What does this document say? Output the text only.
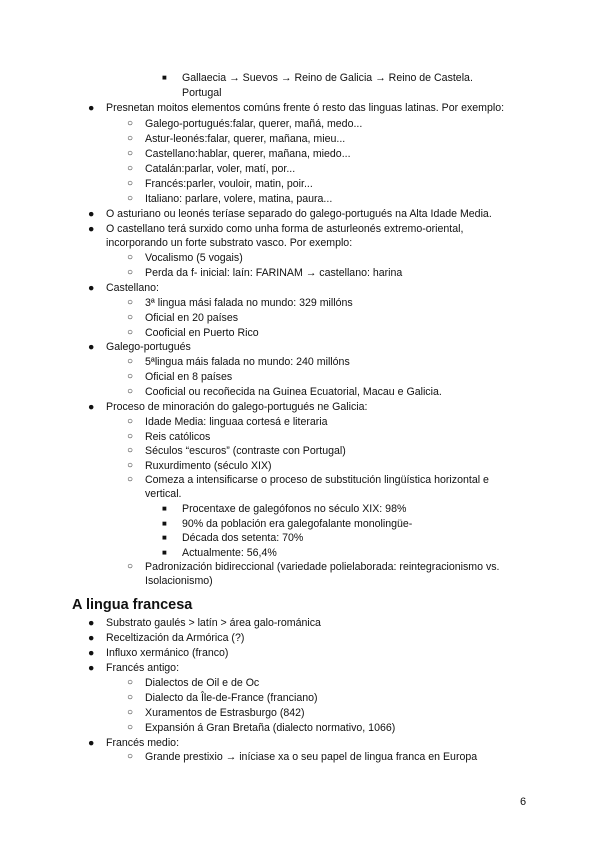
■ Gallaecia → Suevos → Reino de Galicia → Reino de Castela.
Portugal
● Presnetan moitos elementos comúns frente ó resto das linguas latinas. Por exemplo:
○ Galego-portugués:falar, querer, mañá, medo...
○ Astur-leonés:falar, querer, mañana, mieu...
○ Castellano:hablar, querer, mañana, miedo...
○ Catalán:parlar, voler, matí, por...
○ Francés:parler, vouloir, matin, poir...
○ Italiano: parlare, volere, matina, paura...
● O asturiano ou leonés teríase separado do galego-portugués na Alta Idade Media.
● O castellano terá surxido como unha forma de asturleonés extremo-oriental,
incorporando un forte substrato vasco. Por exemplo:
○ Vocalismo (5 vogais)
○ Perda da f- inicial: laín: FARINAM → castellano: harina
● Castellano:
○ 3ª lingua mási falada no mundo: 329 millóns
○ Oficial en 20 países
○ Cooficial en Puerto Rico
● Galego-portugués
○ 5ªlingua máis falada no mundo: 240 millóns
○ Oficial en 8 países
○ Cooficial ou recoñecida na Guinea Ecuatorial, Macau e Galicia.
● Proceso de minoración do galego-portugués ne Galicia:
○ Idade Media: linguaa cortesá e literaria
○ Reis católicos
○ Séculos “escuros” (contraste con Portugal)
○ Ruxurdimento (século XIX)
○ Comeza a intensificarse o proceso de substitución lingüística horizontal e
vertical.
■ Procentaxe de galegófonos no século XIX: 98%
■ 90% da población era galegofalante monolingüe-
■ Década dos setenta: 70%
■ Actualmente: 56,4%
○ Padronización bidireccional (variedade polielaborada: reintegracionismo vs.
Isolacionismo)
A lingua francesa
● Substrato gaulés > latín > área galo-románica
● Receltización da Armórica (?)
● Influxo xermánico (franco)
● Francés antigo:
○ Dialectos de Oil e de Oc
○ Dialecto da Île-de-France (franciano)
○ Xuramentos de Estrasburgo (842)
○ Expansión á Gran Bretaña (dialecto normativo, 1066)
● Francés medio:
○ Grande prestixio → iníciase xa o seu papel de lingua franca en Europa
6
